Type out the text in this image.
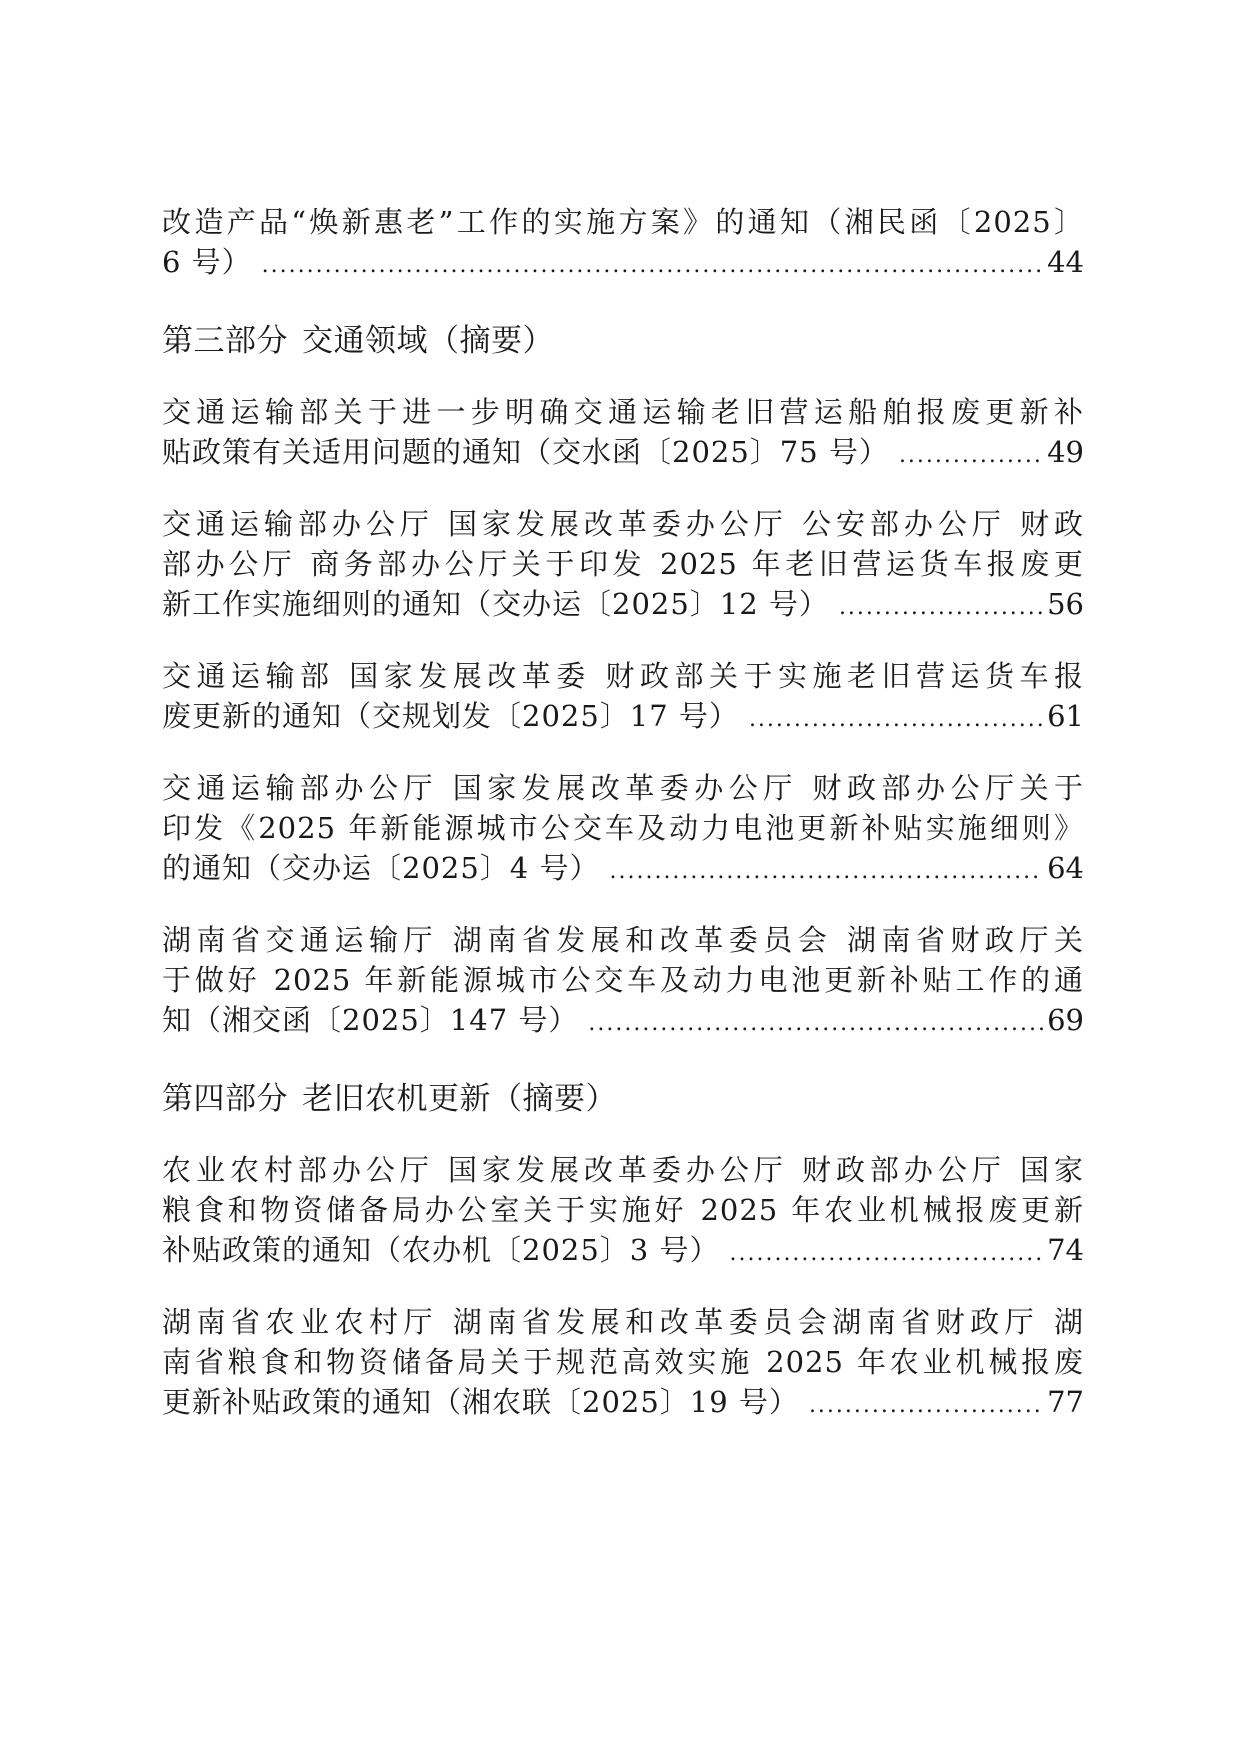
改造产品“焕新惠老”工作的实施方案》的通知（湘民函〔2025〕
6 号） .....	44
第三部分 交通领域（摘要）
交通运输部关于进一步明确交通运输老旧营运船舶报废更新补
贴政策有关适用问题的通知（交水函〔2025〕75 号） .....	49
交通运输部办公厅 国家发展改革委办公厅 公安部办公厅 财政
部办公厅 商务部办公厅关于印发 2025 年老旧营运货车报废更
新工作实施细则的通知（交办运〔2025〕12 号） .....	56
交通运输部 国家发展改革委 财政部关于实施老旧营运货车报
废更新的通知（交规划发〔2025〕17 号） .....	61
交通运输部办公厅 国家发展改革委办公厅 财政部办公厅关于
印发《2025 年新能源城市公交车及动力电池更新补贴实施细则》
的通知（交办运〔2025〕4 号） .....	64
湖南省交通运输厅 湖南省发展和改革委员会 湖南省财政厅关
于做好 2025 年新能源城市公交车及动力电池更新补贴工作的通
知（湘交函〔2025〕147 号） .....	69
第四部分 老旧农机更新（摘要）
农业农村部办公厅 国家发展改革委办公厅 财政部办公厅 国家
粮食和物资储备局办公室关于实施好 2025 年农业机械报废更新
补贴政策的通知（农办机〔2025〕3 号） .....	74
湖南省农业农村厅 湖南省发展和改革委员会湖南省财政厅 湖
南省粮食和物资储备局关于规范高效实施 2025 年农业机械报废
更新补贴政策的通知（湘农联〔2025〕19 号） .....	77
